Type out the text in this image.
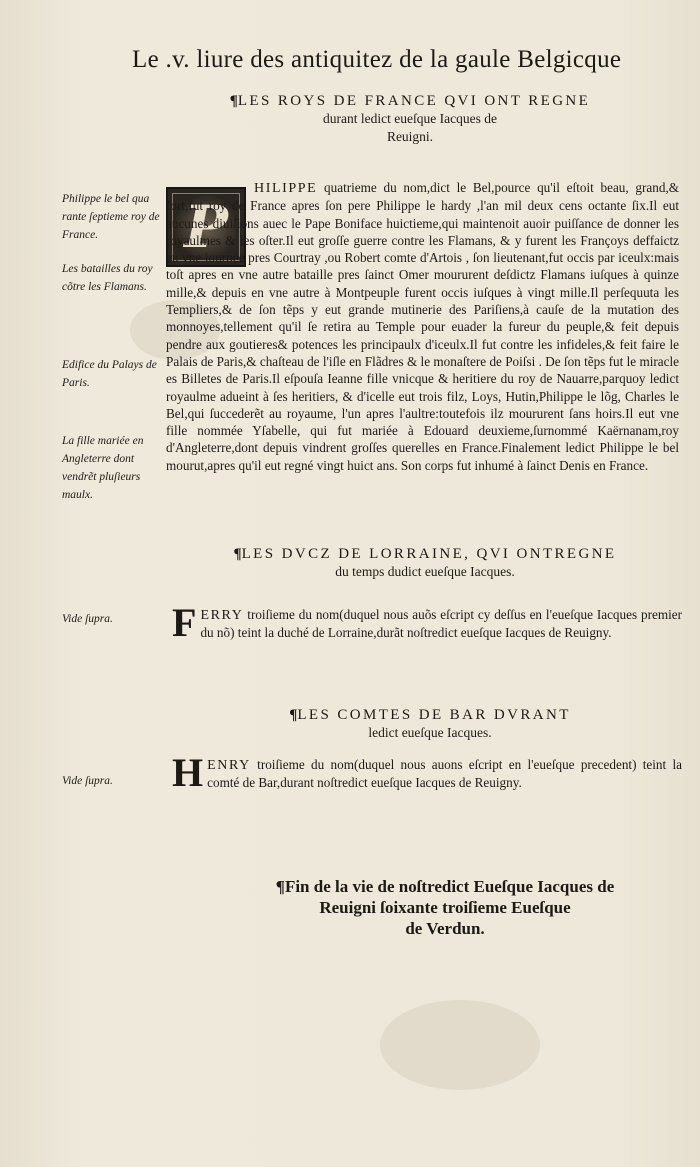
Le .v. liure des antiquitez de la gaule Belgicque
¶LES ROYS DE FRANCE QVI ONT REGNE
durant ledict eueſque Iacques de
Reuigni.
Philippe le bel qua rante ſeptieme roy de France.
Les batailles du roy cõtre les Flamans.
Edifice du Palays de Paris.
La fille mariée en Angleterre dont vendrẽt pluſieurs maulx.
Vide ſupra.
Vide ſupra.
P
HILIPPE quatrieme du nom,dict le Bel,pource qu'il eſtoit beau, grand,& fort,fut roy de France apres ſon pere Philippe le hardy ,l'an mil deux cens octante ſix.Il eut aucunes diuiſions auec le Pape Boniface huictieme,qui maintenoit auoir puiſſance de donner les royaulmes & les oſter.Il eut groſſe guerre contre les Flamans, & y furent les Françoys deffaictz en vne iournée pres Courtray ,ou Robert comte d'Artois , ſon lieutenant,fut occis par iceulx:mais toſt apres en vne autre bataille pres ſainct Omer moururent deſdictz Flamans iuſques à quinze mille,& depuis en vne autre à Montpeuple furent occis iuſques à vingt mille.Il perſequuta les Templiers,& de ſon tẽps y eut grande mutinerie des Pariſiens,à cauſe de la mutation des monnoyes,tellement qu'il ſe retira au Temple pour euader la fureur du peuple,& feit depuis pendre aux goutieres& potences les principaulx d'iceulx.Il fut contre les infideles,& feit faire le Palais de Paris,& chaſteau de l'iſle en Flãdres & le monaſtere de Poiſsi . De ſon tẽps fut le miracle es Billetes de Paris.Il eſpouſa Ieanne fille vnicque & heritiere du roy de Nauarre,parquoy ledict royaulme adueint à ſes heritiers, & d'icelle eut trois filz, Loys, Hutin,Philippe le lõg, Charles le Bel,qui ſuccederẽt au royaume, l'un apres l'aultre:toutefois ilz moururent ſans hoirs.Il eut vne fille nommée Yſabelle, qui fut mariée à Edouard deuxieme,ſurnommé Kaërnanam,roy d'Angleterre,dont depuis vindrent groſſes querelles en France.Finalement ledict Philippe le bel mourut,apres qu'il eut regné vingt huict ans. Son corps fut inhumé à ſainct Denis en France.
¶LES DVCZ DE LORRAINE, QVI ONTREGNE
du temps dudict eueſque Iacques.
FERRY troiſieme du nom(duquel nous auõs eſcript cy deſſus en l'eueſque Iacques premier du nõ) teint la duché de Lorraine,durãt noſtredict eueſque Iacques de Reuigny.
¶LES COMTES DE BAR DVRANT
ledict eueſque Iacques.
HENRY troiſieme du nom(duquel nous auons eſcript en l'eueſque precedent) teint la comté de Bar,durant noſtredict eueſque Iacques de Reuigny.
¶Fin de la vie de noſtredict Eueſque Iacques de
Reuigni ſoixante troiſieme Eueſque
de Verdun.
